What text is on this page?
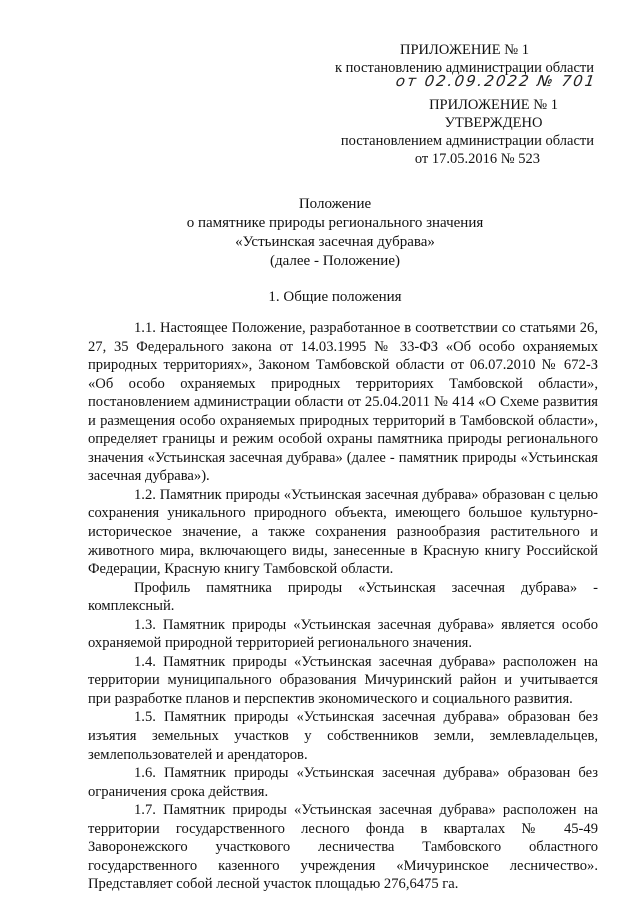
ПРИЛОЖЕНИЕ № 1
к постановлению администрации области
от 02.09.2022 № 701
ПРИЛОЖЕНИЕ № 1
УТВЕРЖДЕНО
постановлением администрации области
от 17.05.2016 № 523
Положение
о памятнике природы регионального значения
«Устьинская засечная дубрава»
(далее - Положение)
1. Общие положения

1.1. Настоящее Положение, разработанное в соответствии со статьями 26, 27, 35 Федерального закона от 14.03.1995 № 33-ФЗ «Об особо охраняемых природных территориях», Законом Тамбовской области от 06.07.2010 № 672-З «Об особо охраняемых природных территориях Тамбовской области», постановлением администрации области от 25.04.2011 № 414 «О Схеме развития и размещения особо охраняемых природных территорий в Тамбовской области», определяет границы и режим особой охраны памятника природы регионального значения «Устьинская засечная дубрава» (далее - памятник природы «Устьинская засечная дубрава»).

1.2. Памятник природы «Устьинская засечная дубрава» образован с целью сохранения уникального природного объекта, имеющего большое культурно-историческое значение, а также сохранения разнообразия растительного и животного мира, включающего виды, занесенные в Красную книгу Российской Федерации, Красную книгу Тамбовской области.

Профиль памятника природы «Устьинская засечная дубрава» - комплексный.

1.3. Памятник природы «Устьинская засечная дубрава» является особо охраняемой природной территорией регионального значения.

1.4. Памятник природы «Устьинская засечная дубрава» расположен на территории муниципального образования Мичуринский район и учитывается при разработке планов и перспектив экономического и социального развития.

1.5. Памятник природы «Устьинская засечная дубрава» образован без изъятия земельных участков у собственников земли, землевладельцев, землепользователей и арендаторов.

1.6. Памятник природы «Устьинская засечная дубрава» образован без ограничения срока действия.

1.7. Памятник природы «Устьинская засечная дубрава» расположен на территории государственного лесного фонда в кварталах № 45-49 Заворонежского участкового лесничества Тамбовского областного государственного казенного учреждения «Мичуринское лесничество». Представляет собой лесной участок площадью 276,6475 га.
